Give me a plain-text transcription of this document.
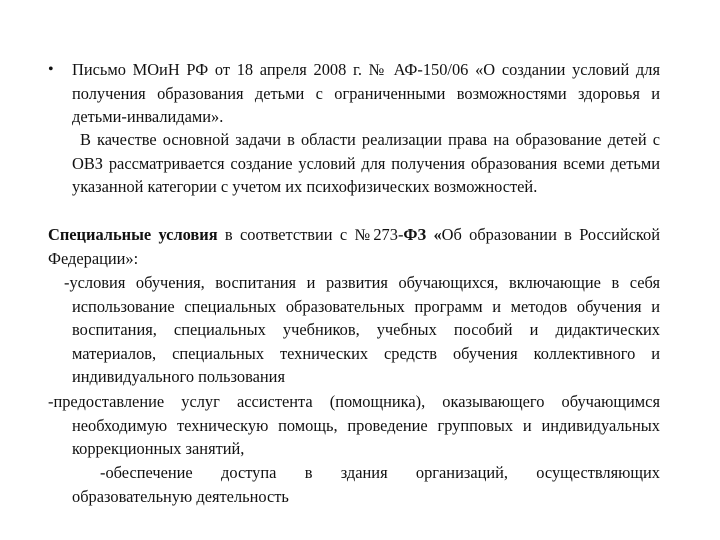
•	Письмо МОиН РФ от 18 апреля 2008 г. № АФ-150/06 «О создании условий для получения образования детьми с ограниченными возможностями здоровья и детьми-инвалидами».
В качестве основной задачи в области реализации права на образование детей с ОВЗ рассматривается создание условий для получения образования всеми детьми указанной категории с учетом их психофизических возможностей.
Специальные условия в соответствии с №273-ФЗ «Об образовании в Российской Федерации»:
-условия обучения, воспитания и развития обучающихся, включающие в себя использование специальных образовательных программ и методов обучения и воспитания, специальных учебников, учебных пособий и дидактических материалов, специальных технических средств обучения коллективного и индивидуального пользования
-предоставление услуг ассистента (помощника), оказывающего обучающимся необходимую техническую помощь, проведение групповых и индивидуальных коррекционных занятий,
-обеспечение доступа в здания организаций, осуществляющих образовательную деятельность
